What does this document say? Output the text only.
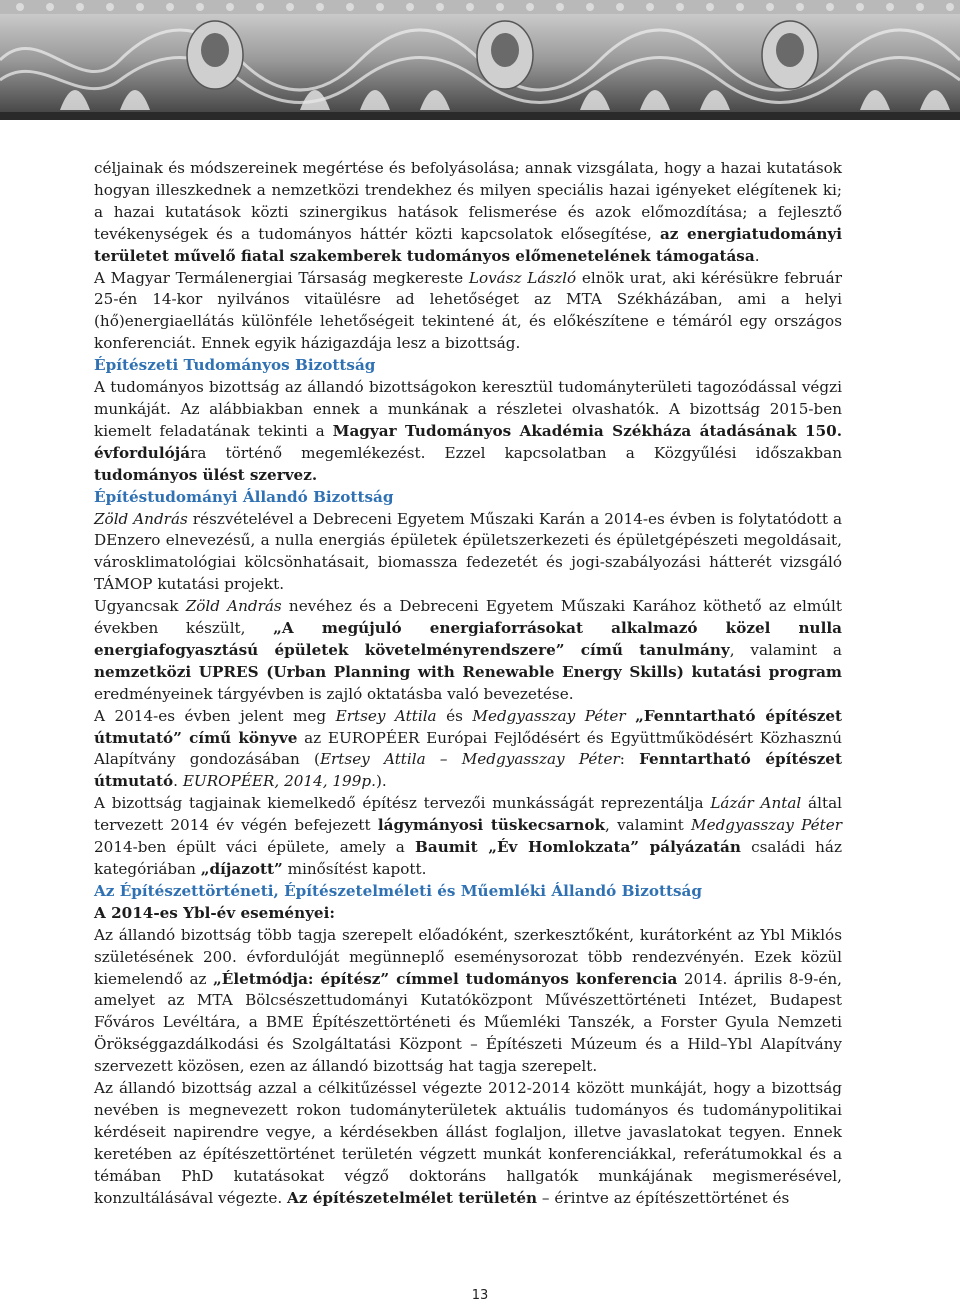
céljainak és módszereinek megértése és befolyásolása; annak vizsgálata, hogy a hazai kutatások hogyan illeszkednek a nemzetközi trendekhez és milyen speciális hazai igényeket elégítenek ki; a hazai kutatások közti szinergikus hatások felismerése és azok előmozdítása; a fejlesztő tevékenységek és a tudományos háttér közti kapcsolatok elősegítése, az energiatudományi területet művelő fiatal szakemberek tudományos előmenetelének támogatása.

A Magyar Termálenergiai Társaság megkereste Lovász László elnök urat, aki kérésükre február 25-én 14-kor nyilvános vitaülésre ad lehetőséget az MTA Székházában, ami a helyi (hő)energiaellátás különféle lehetőségeit tekintené át, és előkészítene e témáról egy országos konferenciát. Ennek egyik házigazdája lesz a bizottság.

Építészeti Tudományos Bizottság

A tudományos bizottság az állandó bizottságokon keresztül tudományterületi tagozódással végzi munkáját. Az alábbiakban ennek a munkának a részletei olvashatók. A bizottság 2015-ben kiemelt feladatának tekinti a Magyar Tudományos Akadémia Székháza átadásának 150. évfordulójára történő megemlékezést. Ezzel kapcsolatban a Közgyűlési időszakban tudományos ülést szervez.

Építéstudományi Állandó Bizottság

Zöld András részvételével a Debreceni Egyetem Műszaki Karán a 2014-es évben is folytatódott a DEnzero elnevezésű, a nulla energiás épületek épületszerkezeti és épületgépészeti megoldásait, városklimatológiai kölcsönhatásait, biomassza fedezetét és jogi-szabályozási hátterét vizsgáló TÁMOP kutatási projekt.

Ugyancsak Zöld András nevéhez és a Debreceni Egyetem Műszaki Karához köthető az elmúlt években készült, „A megújuló energiaforrásokat alkalmazó közel nulla energiafogyasztású épületek követelményrendszere” című tanulmány, valamint a nemzetközi UPRES (Urban Planning with Renewable Energy Skills) kutatási program eredményeinek tárgyévben is zajló oktatásba való bevezetése.

A 2014-es évben jelent meg Ertsey Attila és Medgyasszay Péter „Fenntartható építészet útmutató” című könyve az EUROPÉER Európai Fejlődésért és Együttműködésért Közhasznú Alapítvány gondozásában (Ertsey Attila – Medgyasszay Péter: Fenntartható építészet útmutató. EUROPÉER, 2014, 199p.).

A bizottság tagjainak kiemelkedő építész tervezői munkásságát reprezentálja Lázár Antal által tervezett 2014 év végén befejezett lágymányosi tüskecsarnok, valamint Medgyasszay Péter 2014-ben épült váci épülete, amely a Baumit „Év Homlokzata” pályázatán családi ház kategóriában „díjazott” minősítést kapott.

Az Építészettörténeti, Építészetelméleti és Műemléki Állandó Bizottság
A 2014-es Ybl-év eseményei:

Az állandó bizottság több tagja szerepelt előadóként, szerkesztőként, kurátorként az Ybl Miklós születésének 200. évfordulóját megünneplő eseménysorozat több rendezvényén. Ezek közül kiemelendő az „Életmódja: építész” címmel tudományos konferencia 2014. április 8-9-én, amelyet az MTA Bölcsészettudományi Kutatóközpont Művészettörténeti Intézet, Budapest Főváros Levéltára, a BME Építészettörténeti és Műemléki Tanszék, a Forster Gyula Nemzeti Örökséggazdálkodási és Szolgáltatási Központ – Építészeti Múzeum és a Hild–Ybl Alapítvány szervezett közösen, ezen az állandó bizottság hat tagja szerepelt.

Az állandó bizottság azzal a célkitűzéssel végezte 2012-2014 között munkáját, hogy a bizottság nevében is megnevezett rokon tudományterületek aktuális tudományos és tudománypolitikai kérdéseit napirendre vegye, a kérdésekben állást foglaljon, illetve javaslatokat tegyen. Ennek keretében az építészettörténet területén végzett munkát konferenciákkal, referátumokkal és a témában PhD kutatásokat végző doktoráns hallgatók munkájának megismerésével, konzultálásával végezte. Az építészetelmélet területén – érintve az építészettörténet és

13
